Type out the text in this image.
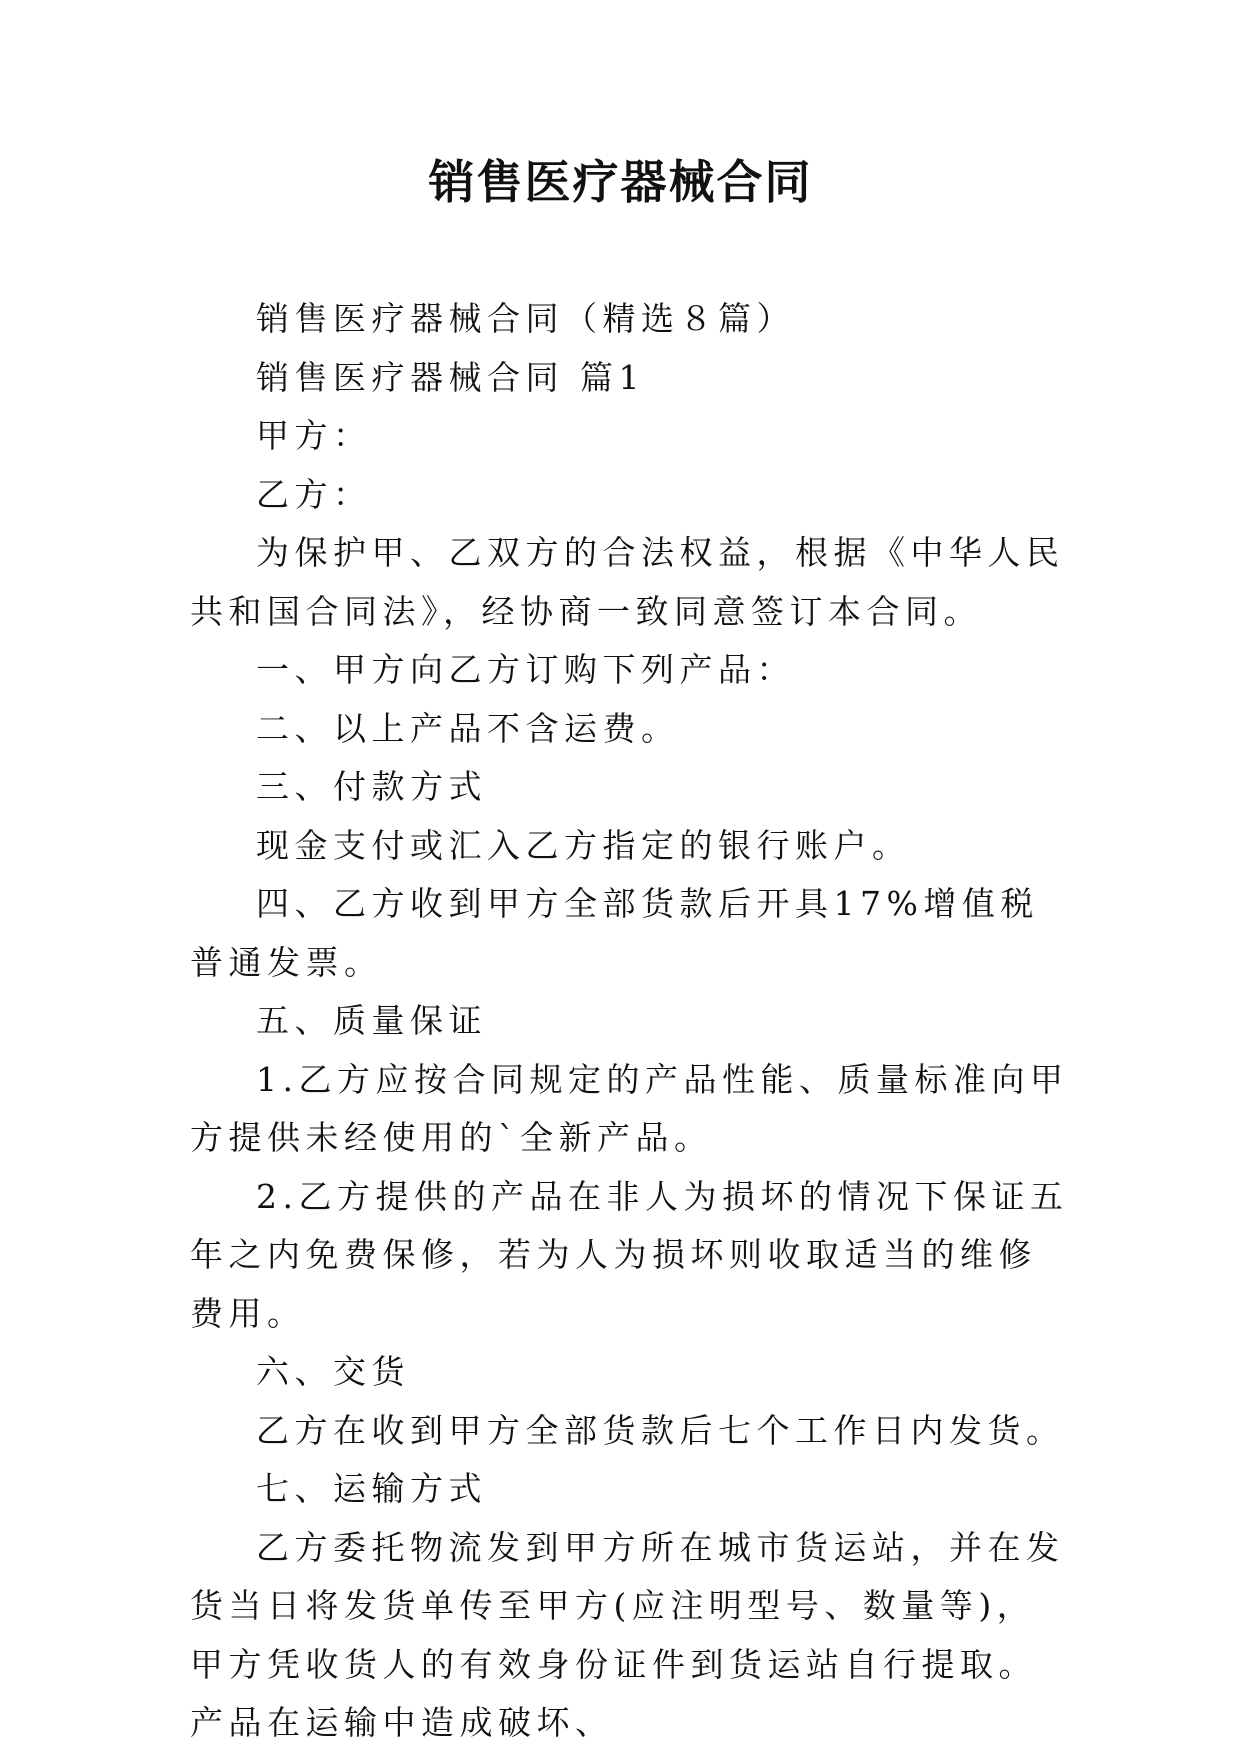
销售医疗器械合同

销售医疗器械合同（精选８篇）

销售医疗器械合同 篇1

甲方：

乙方：

为保护甲、乙双方的合法权益，根据《中华人民共和国合同法》，经协商一致同意签订本合同。

一、甲方向乙方订购下列产品：

二、以上产品不含运费。

三、付款方式

现金支付或汇入乙方指定的银行账户。

四、乙方收到甲方全部货款后开具17%增值税普通发票。

五、质量保证

1.乙方应按合同规定的产品性能、质量标准向甲方提供未经使用的`全新产品。

2.乙方提供的产品在非人为损坏的情况下保证五年之内免费保修，若为人为损坏则收取适当的维修费用。

六、交货

乙方在收到甲方全部货款后七个工作日内发货。

七、运输方式

乙方委托物流发到甲方所在城市货运站，并在发货当日将发货单传至甲方(应注明型号、数量等)，甲方凭收货人的有效身份证件到货运站自行提取。产品在运输中造成破坏、
